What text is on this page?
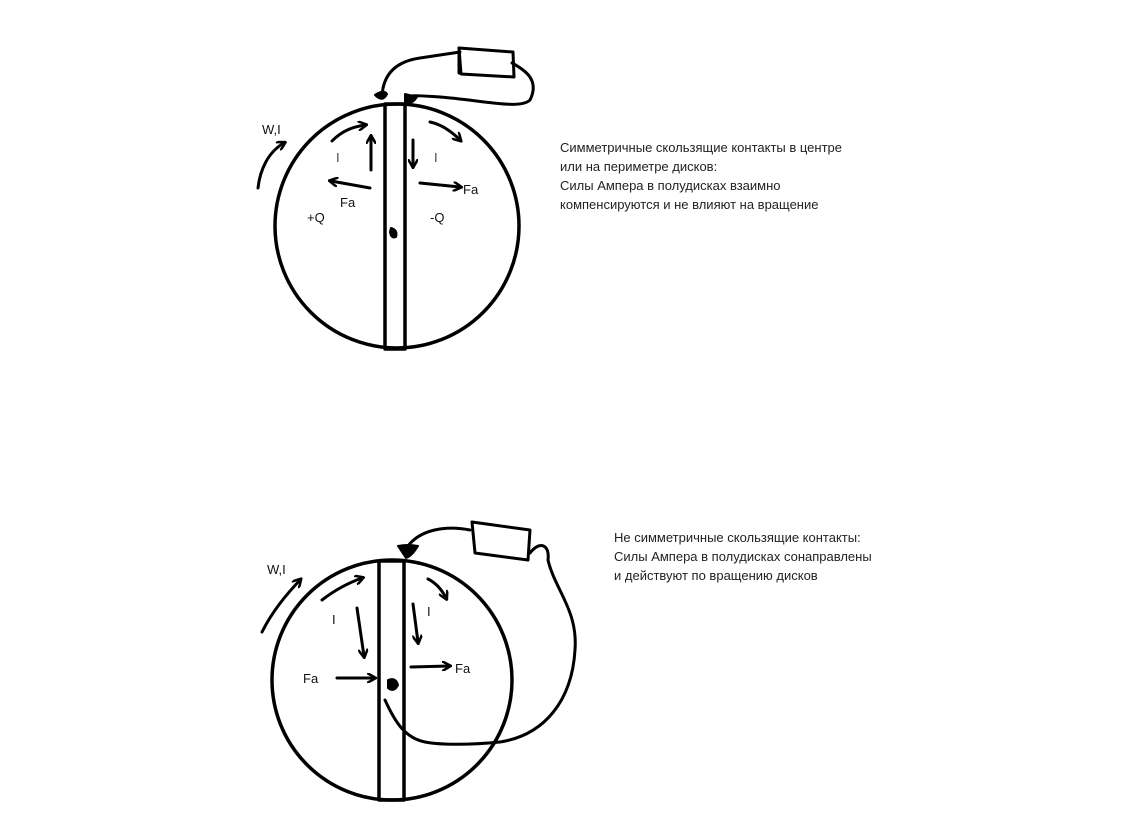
W,I
I	I
Fa
Fa
+Q	-Q
W,I
I
I
Fa
Fa
Симметричные скользящие контакты в центре
или на периметре дисков:
Силы Ампера в полудисках взаимно
компенсируются и не влияют на вращение
Не симметричные скользящие контакты:
Силы Ампера в полудисках сонаправлены
и действуют по вращению дисков
